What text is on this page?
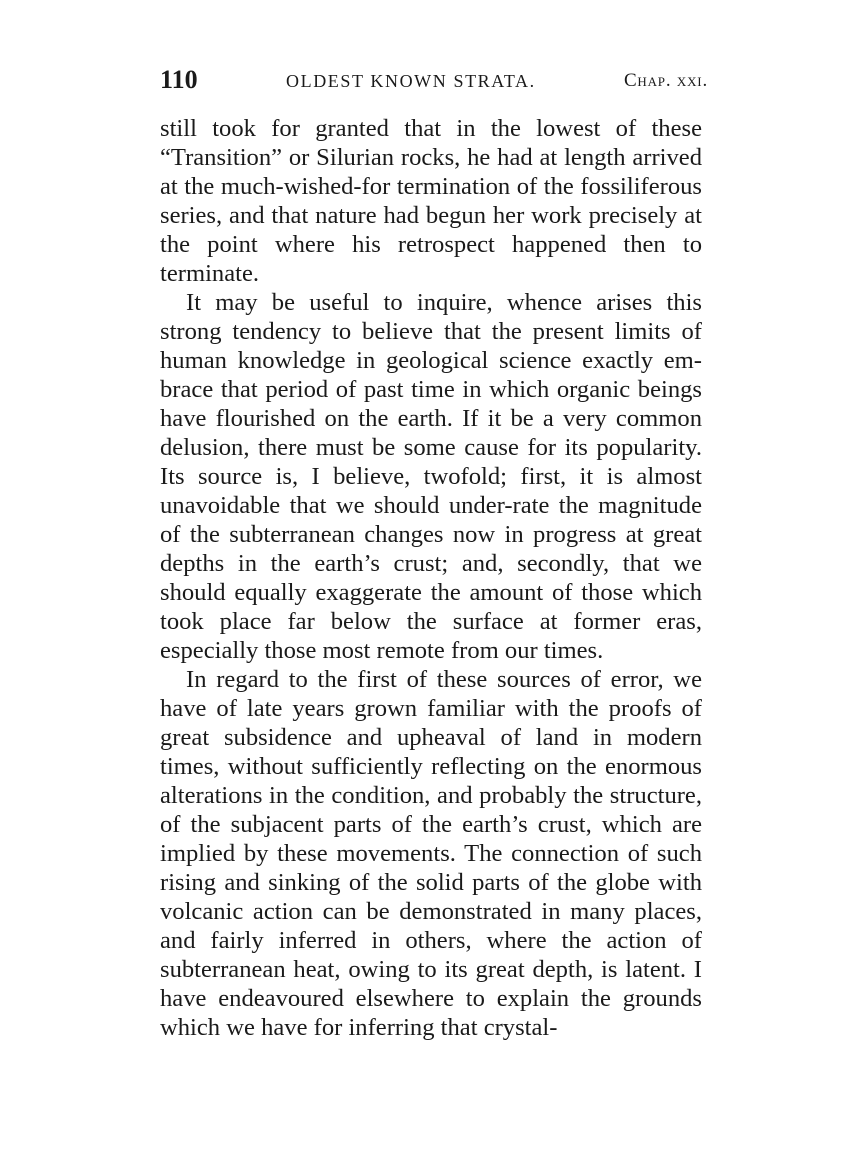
110	OLDEST KNOWN STRATA.	Chap. xxi.

still took for granted that in the lowest of these “Transition” or Silurian rocks, he had at length arrived at the much-wished-for termination of the fossiliferous series, and that nature had begun her work precisely at the point where his retrospect happened then to terminate.

It may be useful to inquire, whence arises this strong tendency to believe that the present limits of human knowledge in geological science exactly embrace that period of past time in which organic beings have flourished on the earth. If it be a very common delusion, there must be some cause for its popularity. Its source is, I believe, twofold; first, it is almost unavoidable that we should under-rate the magnitude of the subterranean changes now in progress at great depths in the earth’s crust; and, secondly, that we should equally exaggerate the amount of those which took place far below the surface at former eras, especially those most remote from our times.

In regard to the first of these sources of error, we have of late years grown familiar with the proofs of great subsidence and upheaval of land in modern times, without sufficiently reflecting on the enormous alterations in the condition, and probably the structure, of the subjacent parts of the earth’s crust, which are implied by these movements. The connection of such rising and sinking of the solid parts of the globe with volcanic action can be demonstrated in many places, and fairly inferred in others, where the action of subterranean heat, owing to its great depth, is latent. I have endeavoured elsewhere to explain the grounds which we have for inferring that crystal-
